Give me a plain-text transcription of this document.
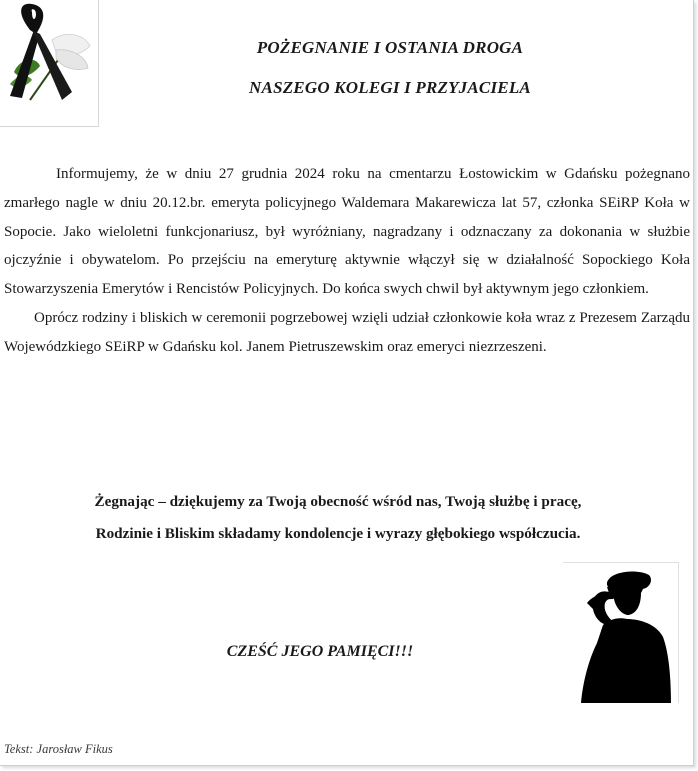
POŻEGNANIE I OSTANIA DROGA
NASZEGO KOLEGI I PRZYJACIELA

Informujemy, że w dniu 27 grudnia 2024 roku na cmentarzu Łostowickim w Gdańsku pożegnano zmarłego nagle w dniu 20.12.br. emeryta policyjnego Waldemara Makarewicza lat 57, członka SEiRP Koła w Sopocie. Jako wieloletni funkcjonariusz, był wyróżniany, nagradzany i odznaczany za dokonania w służbie ojczyźnie i obywatelom. Po przejściu na emeryturę aktywnie włączył się w działalność Sopockiego Koła Stowarzyszenia Emerytów i Rencistów Policyjnych. Do końca swych chwil był aktywnym jego członkiem.

Oprócz rodziny i bliskich w ceremonii pogrzebowej wzięli udział członkowie koła wraz z Prezesem Zarządu Wojewódzkiego SEiRP w Gdańsku kol. Janem Pietruszewskim oraz emeryci niezrzeszeni.

Żegnając – dziękujemy za Twoją obecność wśród nas, Twoją służbę i pracę,
Rodzinie i Bliskim składamy kondolencje i wyrazy głębokiego współczucia.
CZEŚĆ JEGO PAMIĘCI!!!
Tekst: Jarosław Fikus
